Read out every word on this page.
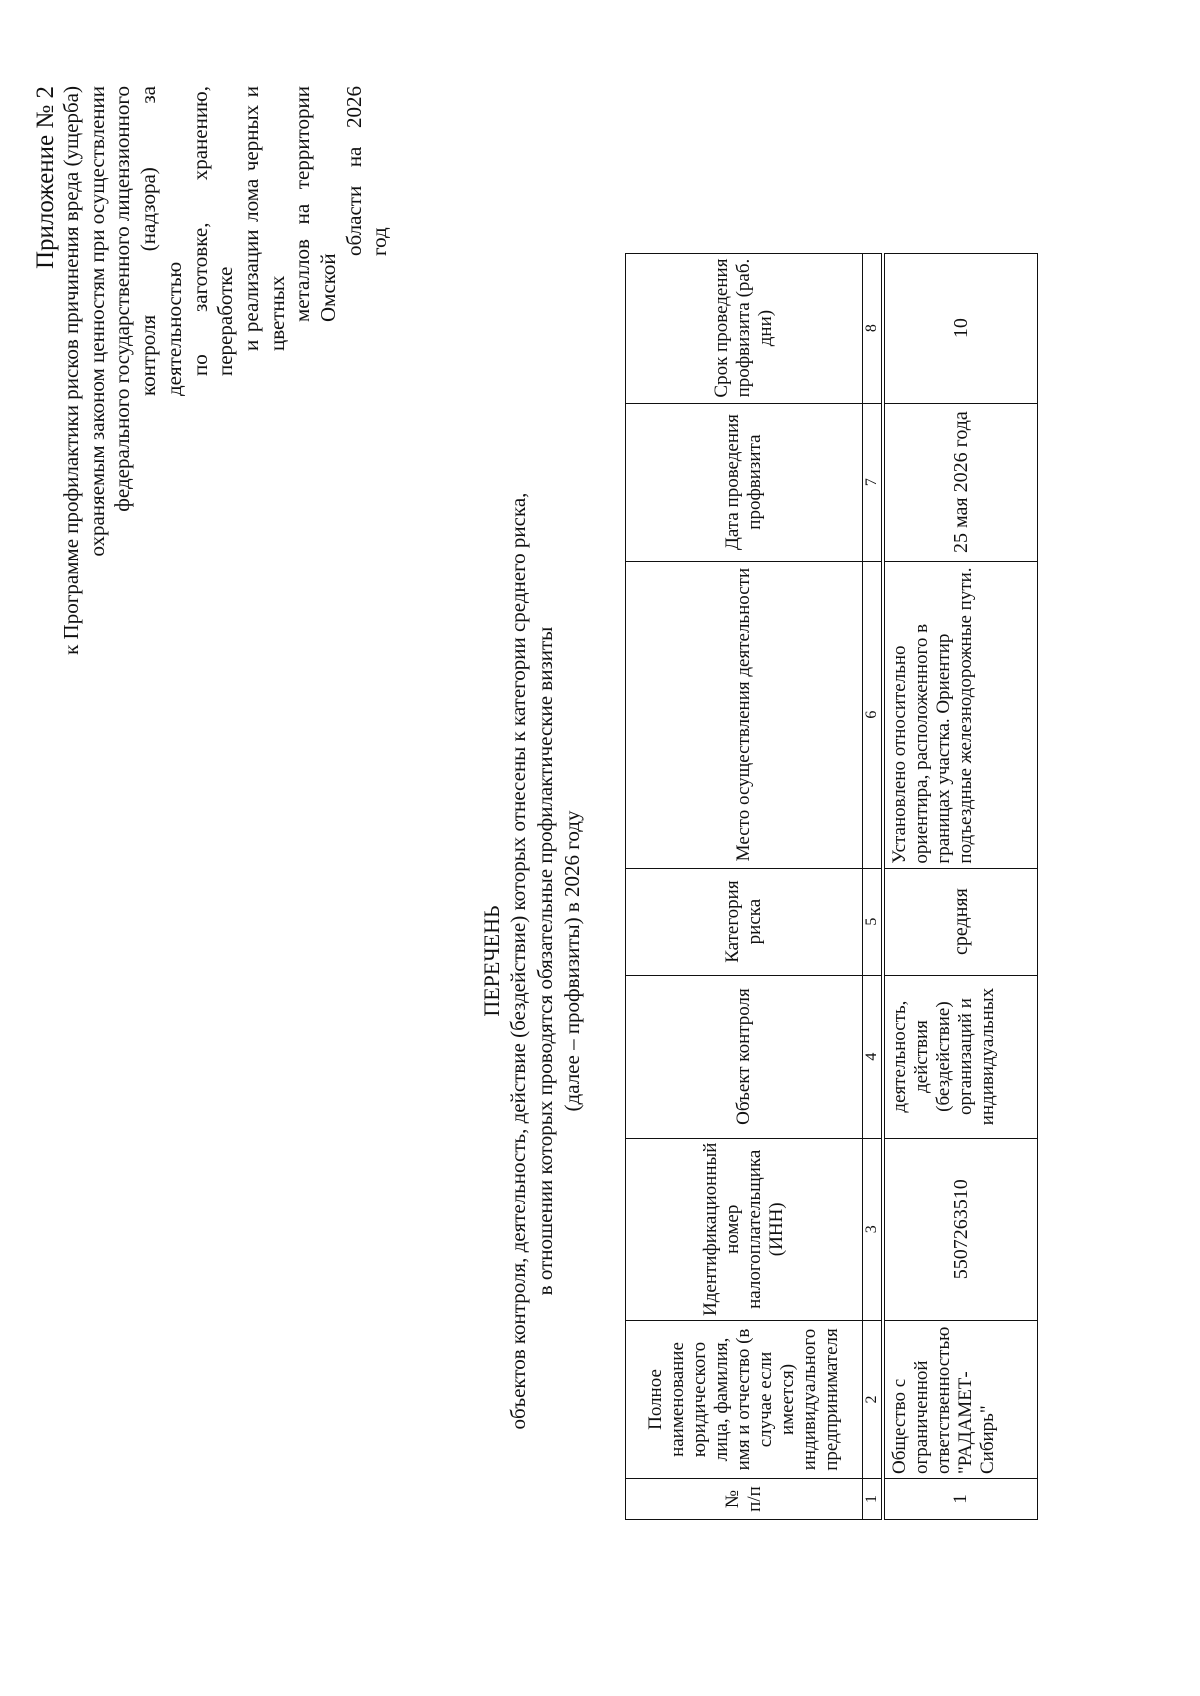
Приложение № 2 к Программе профилактики рисков причинения вреда (ущерба) охраняемым законом ценностям при осуществлении федерального государственного лицензионного контроля (надзора) за деятельностью по заготовке, хранению, переработке и реализации лома черных и цветных металлов на территории Омской
области на 2026 год
ПЕРЕЧЕНЬ объектов контроля, деятельность, действие (бездействие) которых отнесены к категории среднего риска, в отношении которых проводятся обязательные профилактические визиты (далее – профвизиты) в 2026 году
№ п/п	Полное наименование юридического лица, фамилия, имя и отчество (в случае если имеется) индивидуального предпринимателя	Идентификационный номер налогоплательщика (ИНН)	Объект контроля	Категория риска	Место осуществления деятельности	Дата проведения профвизита	Срок проведения профвизита (раб. дни)
1	2	3	4	5	6	7	8
1	Общество с ограниченной ответственностью "РАДАМЕТ-Сибирь"	5507263510	деятельность, действия (бездействие) организаций и индивидуальных	средняя	Установлено относительно ориентира, расположенного в границах участка. Ориентир подъездные железнодорожные пути.	25 мая 2026 года	10
